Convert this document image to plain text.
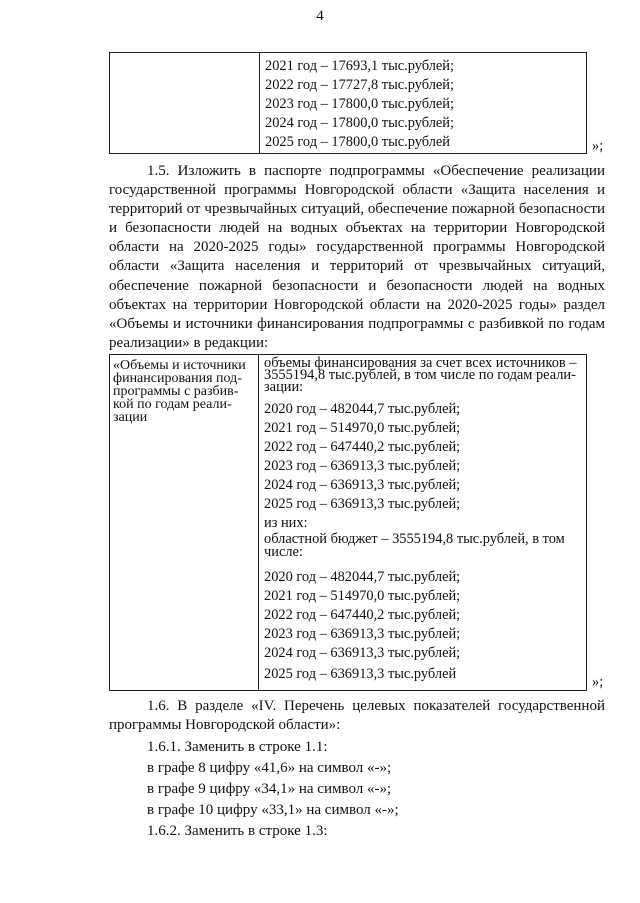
4
2021 год – 17693,1 тыс.рублей;
2022 год – 17727,8 тыс.рублей;
2023 год – 17800,0 тыс.рублей;
2024 год – 17800,0 тыс.рублей;
2025 год – 17800,0 тыс.рублей	»;
1.5. Изложить в паспорте подпрограммы «Обеспечение реализации
государственной программы Новгородской области «Защита населения и
территорий от чрезвычайных ситуаций, обеспечение пожарной безопасности
и безопасности людей на водных объектах на территории Новгородской
области на 2020-2025 годы» государственной программы Новгородской
области «Защита населения и территорий от чрезвычайных ситуаций,
обеспечение пожарной безопасности и безопасности людей на водных
объектах на территории Новгородской области на 2020-2025 годы» раздел
«Объемы и источники финансирования подпрограммы с разбивкой по годам
реализации» в редакции:
«Объемы и источники
финансирования под-
программы с разбив-
кой по годам реали-
зации
объемы финансирования за счет всех источников –
3555194,8 тыс.рублей, в том числе по годам реали-
зации:
2020 год – 482044,7 тыс.рублей;
2021 год – 514970,0 тыс.рублей;
2022 год – 647440,2 тыс.рублей;
2023 год – 636913,3 тыс.рублей;
2024 год – 636913,3 тыс.рублей;
2025 год – 636913,3 тыс.рублей;
из них:
областной бюджет – 3555194,8 тыс.рублей, в том
числе:
2020 год – 482044,7 тыс.рублей;
2021 год – 514970,0 тыс.рублей;
2022 год – 647440,2 тыс.рублей;
2023 год – 636913,3 тыс.рублей;
2024 год – 636913,3 тыс.рублей;
2025 год – 636913,3 тыс.рублей	»;
1.6. В разделе «IV. Перечень целевых показателей государственной
программы Новгородской области»:
1.6.1. Заменить в строке 1.1:
в графе 8 цифру «41,6» на символ «-»;
в графе 9 цифру «34,1» на символ «-»;
в графе 10 цифру «33,1» на символ «-»;
1.6.2. Заменить в строке 1.3:
